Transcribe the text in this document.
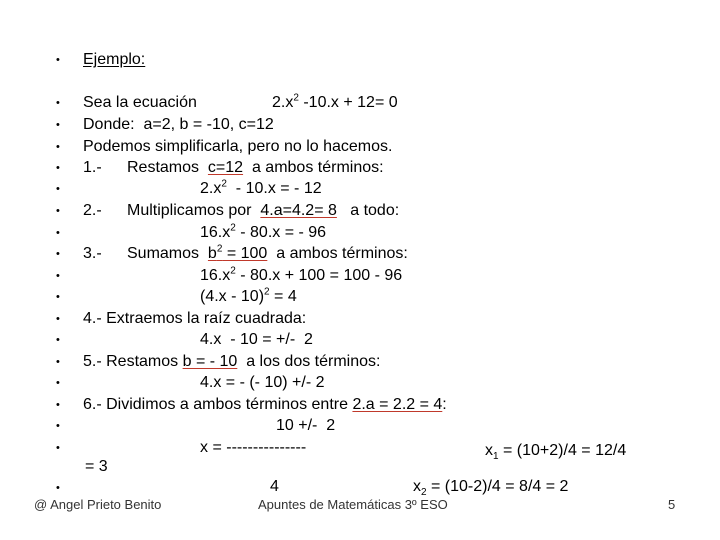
•
•
•
•
•
•
•
•
•
•
•
•
•
•
•
•
•
•
•
Ejemplo:
Sea la ecuación	$2.x^2$ -10.x + 12= 0
Donde:  a=2, b = -10, c=12
Podemos simplificarla, pero no lo hacemos.
1.- Restamos  c=12  a ambos términos:
$2.x^2 - 10.x$ = - 12
2.- Multiplicamos por  4.a=4.2= 8   a todo:
$16.x^2 - 80.x$ = - 96
3.- Sumamos  $b^2 = 100$  a ambos términos:
$16.x^2 - 80.x + 100 = 100 - 96$
(4.x - 10)$^2$ = 4
4.- Extraemos la raíz cuadrada:
4.x  - 10 = +/-  2
5.- Restamos b = - 10  a los dos términos:
4.x = - (- 10) +/- 2
6.- Dividimos a ambos términos entre 2.a = 2.2 = 4:
10 +/-  2
x = ---------------	$x_1 = (10+2)/4 = 12/4$
= 3
4	$x_2 = (10-2)/4 = 8/4 = 2$
@ Angel Prieto Benito	Apuntes de Matemáticas 3º ESO	5
